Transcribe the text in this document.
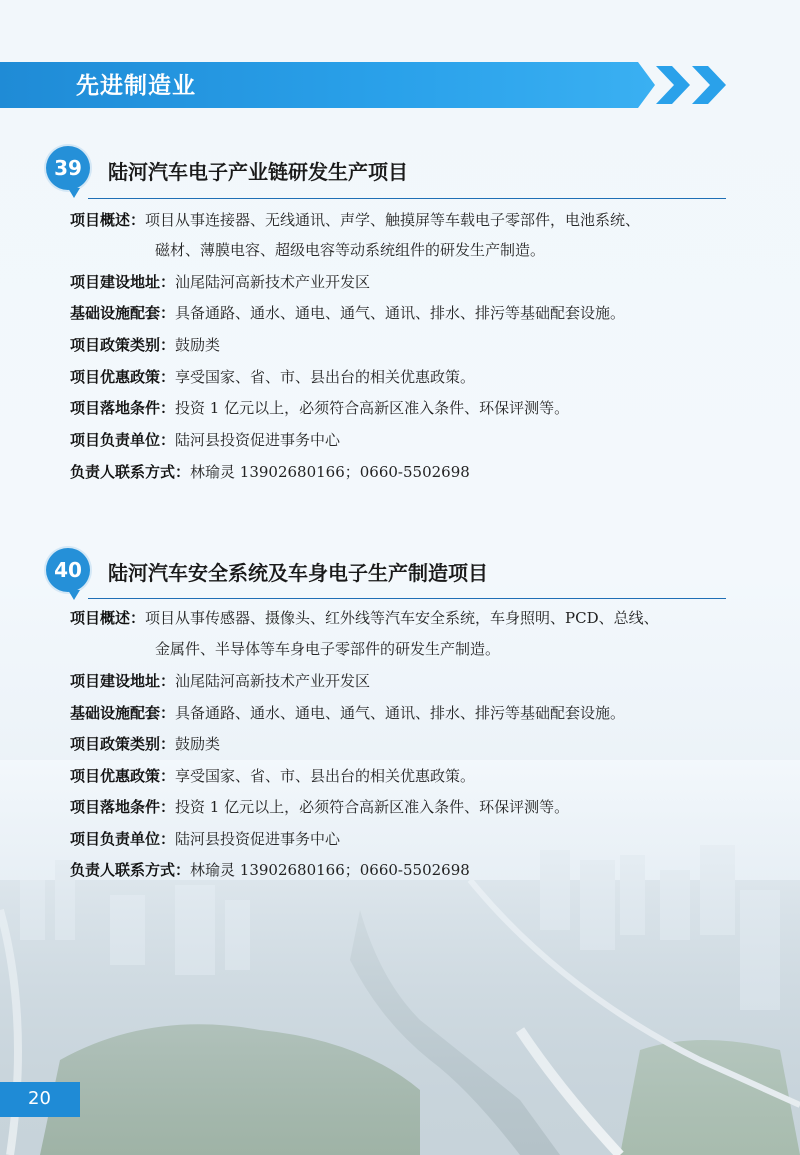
先进制造业
39	陆河汽车电子产业链研发生产项目
项目概述：项目从事连接器、无线通讯、声学、触摸屏等车载电子零部件，电池系统、
磁材、薄膜电容、超级电容等动系统组件的研发生产制造。
项目建设地址：汕尾陆河高新技术产业开发区
基础设施配套：具备通路、通水、通电、通气、通讯、排水、排污等基础配套设施。
项目政策类别：鼓励类
项目优惠政策：享受国家、省、市、县出台的相关优惠政策。
项目落地条件：投资 1 亿元以上，必须符合高新区准入条件、环保评测等。
项目负责单位：陆河县投资促进事务中心
负责人联系方式：林瑜灵 13902680166；0660-5502698
40	陆河汽车安全系统及车身电子生产制造项目
项目概述：项目从事传感器、摄像头、红外线等汽车安全系统，车身照明、PCD、总线、
金属件、半导体等车身电子零部件的研发生产制造。
项目建设地址：汕尾陆河高新技术产业开发区
基础设施配套：具备通路、通水、通电、通气、通讯、排水、排污等基础配套设施。
项目政策类别：鼓励类
项目优惠政策：享受国家、省、市、县出台的相关优惠政策。
项目落地条件：投资 1 亿元以上，必须符合高新区准入条件、环保评测等。
项目负责单位：陆河县投资促进事务中心
负责人联系方式：林瑜灵 13902680166；0660-5502698
20
